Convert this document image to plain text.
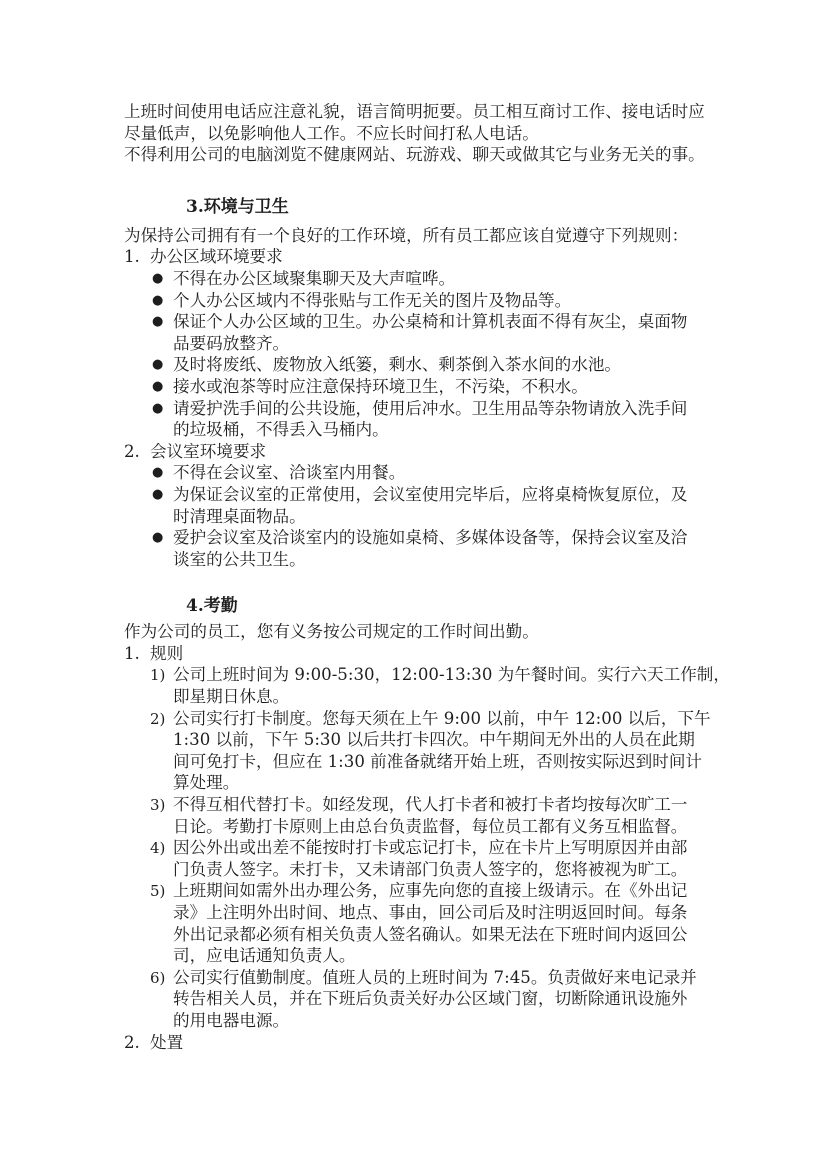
上班时间使用电话应注意礼貌，语言简明扼要。员工相互商讨工作、接电话时应
尽量低声，以免影响他人工作。不应长时间打私人电话。
不得利用公司的电脑浏览不健康网站、玩游戏、聊天或做其它与业务无关的事。
3.环境与卫生
为保持公司拥有有一个良好的工作环境，所有员工都应该自觉遵守下列规则：
1. 办公区域环境要求
● 不得在办公区域聚集聊天及大声喧哗。
● 个人办公区域内不得张贴与工作无关的图片及物品等。
● 保证个人办公区域的卫生。办公桌椅和计算机表面不得有灰尘，桌面物
品要码放整齐。
● 及时将废纸、废物放入纸篓，剩水、剩茶倒入茶水间的水池。
● 接水或泡茶等时应注意保持环境卫生，不污染，不积水。
● 请爱护洗手间的公共设施，使用后冲水。卫生用品等杂物请放入洗手间
的垃圾桶，不得丢入马桶内。
2. 会议室环境要求
● 不得在会议室、洽谈室内用餐。
● 为保证会议室的正常使用，会议室使用完毕后，应将桌椅恢复原位，及
时清理桌面物品。
● 爱护会议室及洽谈室内的设施如桌椅、多媒体设备等，保持会议室及洽
谈室的公共卫生。
4.考勤
作为公司的员工，您有义务按公司规定的工作时间出勤。
1. 规则
1) 公司上班时间为 9:00-5:30，12:00-13:30 为午餐时间。实行六天工作制，
即星期日休息。
2) 公司实行打卡制度。您每天须在上午 9:00 以前，中午 12:00 以后，下午
1:30 以前，下午 5:30 以后共打卡四次。中午期间无外出的人员在此期
间可免打卡，但应在 1:30 前准备就绪开始上班，否则按实际迟到时间计
算处理。
3) 不得互相代替打卡。如经发现，代人打卡者和被打卡者均按每次旷工一
日论。考勤打卡原则上由总台负责监督，每位员工都有义务互相监督。
4) 因公外出或出差不能按时打卡或忘记打卡，应在卡片上写明原因并由部
门负责人签字。未打卡，又未请部门负责人签字的，您将被视为旷工。
5) 上班期间如需外出办理公务，应事先向您的直接上级请示。在《外出记
录》上注明外出时间、地点、事由，回公司后及时注明返回时间。每条
外出记录都必须有相关负责人签名确认。如果无法在下班时间内返回公
司，应电话通知负责人。
6) 公司实行值勤制度。值班人员的上班时间为 7:45。负责做好来电记录并
转告相关人员，并在下班后负责关好办公区域门窗，切断除通讯设施外
的用电器电源。
2. 处置
